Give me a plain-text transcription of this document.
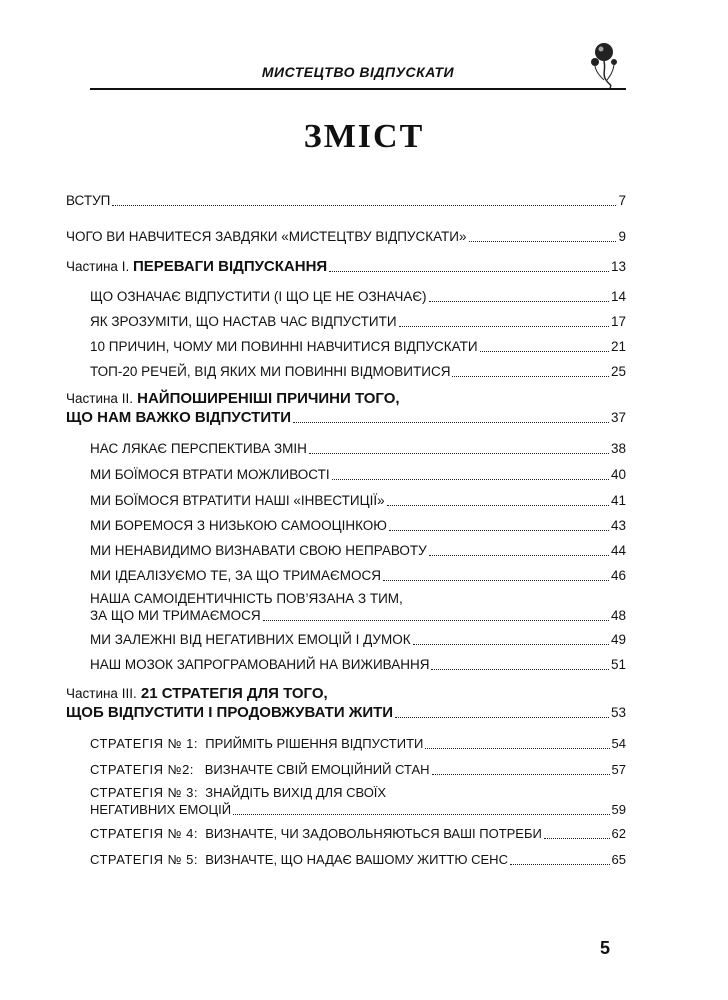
МИСТЕЦТВО ВІДПУСКАТИ
ЗМІСТ
ВСТУП	7
ЧОГО ВИ НАВЧИТЕСЯ ЗАВДЯКИ «МИСТЕЦТВУ ВІДПУСКАТИ»	9
Частина І. ПЕРЕВАГИ ВІДПУСКАННЯ	13
ЩО ОЗНАЧАЄ ВІДПУСТИТИ (І ЩО ЦЕ НЕ ОЗНАЧАЄ)	14
ЯК ЗРОЗУМІТИ, ЩО НАСТАВ ЧАС ВІДПУСТИТИ	17
10 ПРИЧИН, ЧОМУ МИ ПОВИННІ НАВЧИТИСЯ ВІДПУСКАТИ	21
ТОП-20 РЕЧЕЙ, ВІД ЯКИХ МИ ПОВИННІ ВІДМОВИТИСЯ	25
Частина ІІ. НАЙПОШИРЕНІШІ ПРИЧИНИ ТОГО,
ЩО НАМ ВАЖКО ВІДПУСТИТИ	37
НАС ЛЯКАЄ ПЕРСПЕКТИВА ЗМІН	38
МИ БОЇМОСЯ ВТРАТИ МОЖЛИВОСТІ	40
МИ БОЇМОСЯ ВТРАТИТИ НАШІ «ІНВЕСТИЦІЇ»	41
МИ БОРЕМОСЯ З НИЗЬКОЮ САМООЦІНКОЮ	43
МИ НЕНАВИДИМО ВИЗНАВАТИ СВОЮ НЕПРАВОТУ	44
МИ ІДЕАЛІЗУЄМО ТЕ, ЗА ЩО ТРИМАЄМОСЯ	46
НАША САМОІДЕНТИЧНІСТЬ ПОВ’ЯЗАНА З ТИМ,
ЗА ЩО МИ ТРИМАЄМОСЯ	48
МИ ЗАЛЕЖНІ ВІД НЕГАТИВНИХ ЕМОЦІЙ І ДУМОК	49
НАШ МОЗОК ЗАПРОГРАМОВАНИЙ НА ВИЖИВАННЯ	51
Частина ІІІ. 21 СТРАТЕГІЯ ДЛЯ ТОГО,
ЩОБ ВІДПУСТИТИ І ПРОДОВЖУВАТИ ЖИТИ	53
СТРАТЕГІЯ № 1: ПРИЙМІТЬ РІШЕННЯ ВІДПУСТИТИ	54
СТРАТЕГІЯ №2: ВИЗНАЧТЕ СВІЙ ЕМОЦІЙНИЙ СТАН	57
СТРАТЕГІЯ № 3: ЗНАЙДІТЬ ВИХІД ДЛЯ СВОЇХ
НЕГАТИВНИХ ЕМОЦІЙ	59
СТРАТЕГІЯ № 4: ВИЗНАЧТЕ, ЧИ ЗАДОВОЛЬНЯЮТЬСЯ ВАШІ ПОТРЕБИ	62
СТРАТЕГІЯ № 5: ВИЗНАЧТЕ, ЩО НАДАЄ ВАШОМУ ЖИТТЮ СЕНС	65
5
